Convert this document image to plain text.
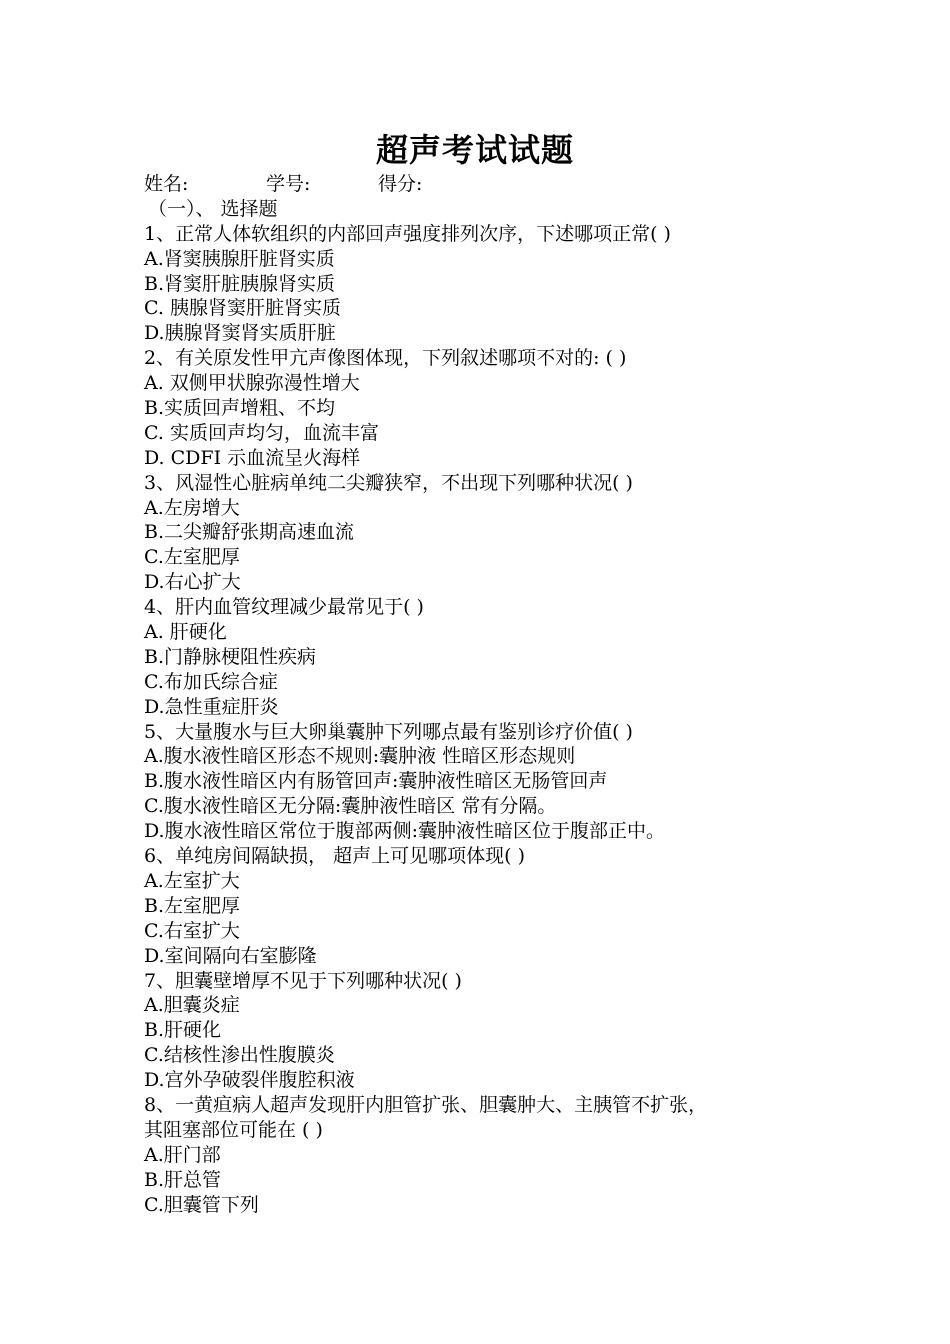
超声考试试题
姓名:	学号:	得分:
（一）、 选择题
1、正常人体软组织的内部回声强度排列次序，下述哪项正常( )
A.肾窦胰腺肝脏肾实质
B.肾窦肝脏胰腺肾实质
C. 胰腺肾窦肝脏肾实质
D.胰腺肾窦肾实质肝脏
2、有关原发性甲亢声像图体现，下列叙述哪项不对的: ( )
A. 双侧甲状腺弥漫性增大
B.实质回声增粗、不均
C. 实质回声均匀，血流丰富
D. CDFI 示血流呈火海样
3、风湿性心脏病单纯二尖瓣狭窄，不出现下列哪种状况( )
A.左房增大
B.二尖瓣舒张期高速血流
C.左室肥厚
D.右心扩大
4、肝内血管纹理减少最常见于( )
A. 肝硬化
B.门静脉梗阻性疾病
C.布加氏综合症
D.急性重症肝炎
5、大量腹水与巨大卵巢囊肿下列哪点最有鉴别诊疗价值( )
A.腹水液性暗区形态不规则:囊肿液 性暗区形态规则
B.腹水液性暗区内有肠管回声:囊肿液性暗区无肠管回声
C.腹水液性暗区无分隔:囊肿液性暗区 常有分隔。
D.腹水液性暗区常位于腹部两侧:囊肿液性暗区位于腹部正中。
6、单纯房间隔缺损， 超声上可见哪项体现( )
A.左室扩大
B.左室肥厚
C.右室扩大
D.室间隔向右室膨隆
7、胆囊壁增厚不见于下列哪种状况( )
A.胆囊炎症
B.肝硬化
C.结核性渗出性腹膜炎
D.宫外孕破裂伴腹腔积液
8、一黄疸病人超声发现肝内胆管扩张、胆囊肿大、主胰管不扩张，
其阻塞部位可能在 ( )
A.肝门部
B.肝总管
C.胆囊管下列
